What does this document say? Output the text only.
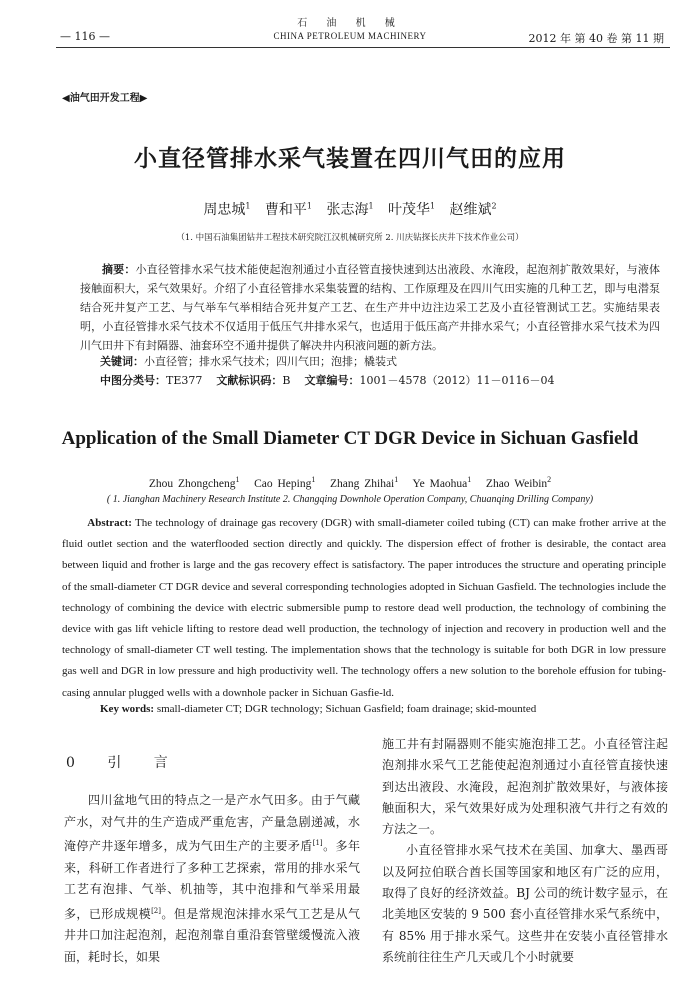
石 油 机 械
— 116 —	CHINA PETROLEUM MACHINERY	2012 年 第 40 卷 第 11 期
◀油气田开发工程▶
小直径管排水采气装置在四川气田的应用
周忠城$^1$ 曹和平$^1$ 张志海$^1$ 叶茂华$^1$ 赵维斌$^2$
（1. 中国石油集团钻井工程技术研究院江汉机械研究所 2. 川庆钻探长庆井下技术作业公司）
摘要：小直径管排水采气技术能使起泡剂通过小直径管直接快速到达出液段、水淹段，起泡剂扩散效果好，与液体接触面积大，采气效果好。介绍了小直径管排水采集装置的结构、工作原理及在四川气田实施的几种工艺，即与电潜泵结合死井复产工艺、与气举车气举相结合死井复产工艺、在生产井中边注边采工艺及小直径管测试工艺。实施结果表明，小直径管排水采气技术不仅适用于低压气井排水采气，也适用于低压高产井排水采气；小直径管排水采气技术为四川气田井下有封隔器、油套环空不通井提供了解决井内积液问题的新方法。
关键词：小直径管；排水采气技术；四川气田；泡排；橇装式
中图分类号：TE377 文献标识码：B 文章编号：1001－4578（2012）11－0116－04
Application of the Small Diameter CT DGR Device in Sichuan Gasfield
Zhou Zhongcheng$^1$ Cao Heping$^1$ Zhang Zhihai$^1$ Ye Maohua$^1$ Zhao Weibin$^2$
( 1. Jianghan Machinery Research Institute 2. Changqing Downhole Operation Company, Chuanqing Drilling Company)
Abstract: The technology of drainage gas recovery (DGR) with small-diameter coiled tubing (CT) can make frother arrive at the fluid outlet section and the waterflooded section directly and quickly. The dispersion effect of frother is desirable, the contact area between liquid and frother is large and the gas recovery effect is satisfactory. The paper introduces the structure and operating principle of the small-diameter CT DGR device and several corresponding technologies adopted in Sichuan Gasfield. The technologies include the technology of combining the device with electric submersible pump to restore dead well production, the technology of combining the device with gas lift vehicle lifting to restore dead well production, the technology of injection and recovery in production well and the technology of small-diameter CT well testing. The implementation shows that the technology is suitable for both DGR in low pressure gas well and DGR in low pressure and high productivity well. The technology offers a new solution to the borehole effusion for tubing-casing annular plugged wells with a downhole packer in Sichuan Gasfie-ld.
Key words: small-diameter CT; DGR technology; Sichuan Gasfield; foam drainage; skid-mounted
0 引 言
四川盆地气田的特点之一是产水气田多。由于气藏产水，对气井的生产造成严重危害，产量急剧递减，水淹停产井逐年增多，成为气田生产的主要矛盾[1]。多年来，科研工作者进行了多种工艺探索，常用的排水采气工艺有泡排、气举、机抽等，其中泡排和气举采用最多，已形成规模[2]。但是常规泡沫排水采气工艺是从气井井口加注起泡剂，起泡剂靠自重沿套管壁缓慢流入液面，耗时长，如果

施工井有封隔器则不能实施泡排工艺。小直径管注起泡剂排水采气工艺能使起泡剂通过小直径管直接快速到达出液段、水淹段，起泡剂扩散效果好，与液体接触面积大，采气效果好成为处理积液气井行之有效的方法之一。

小直径管排水采气技术在美国、加拿大、墨西哥以及阿拉伯联合酋长国等国家和地区有广泛的应用，取得了良好的经济效益。BJ 公司的统计数字显示，在北美地区安装的 9 500 套小直径管排水采气系统中，有 85% 用于排水采气。这些井在安装小直径管排水系统前往往生产几天或几个小时就要
